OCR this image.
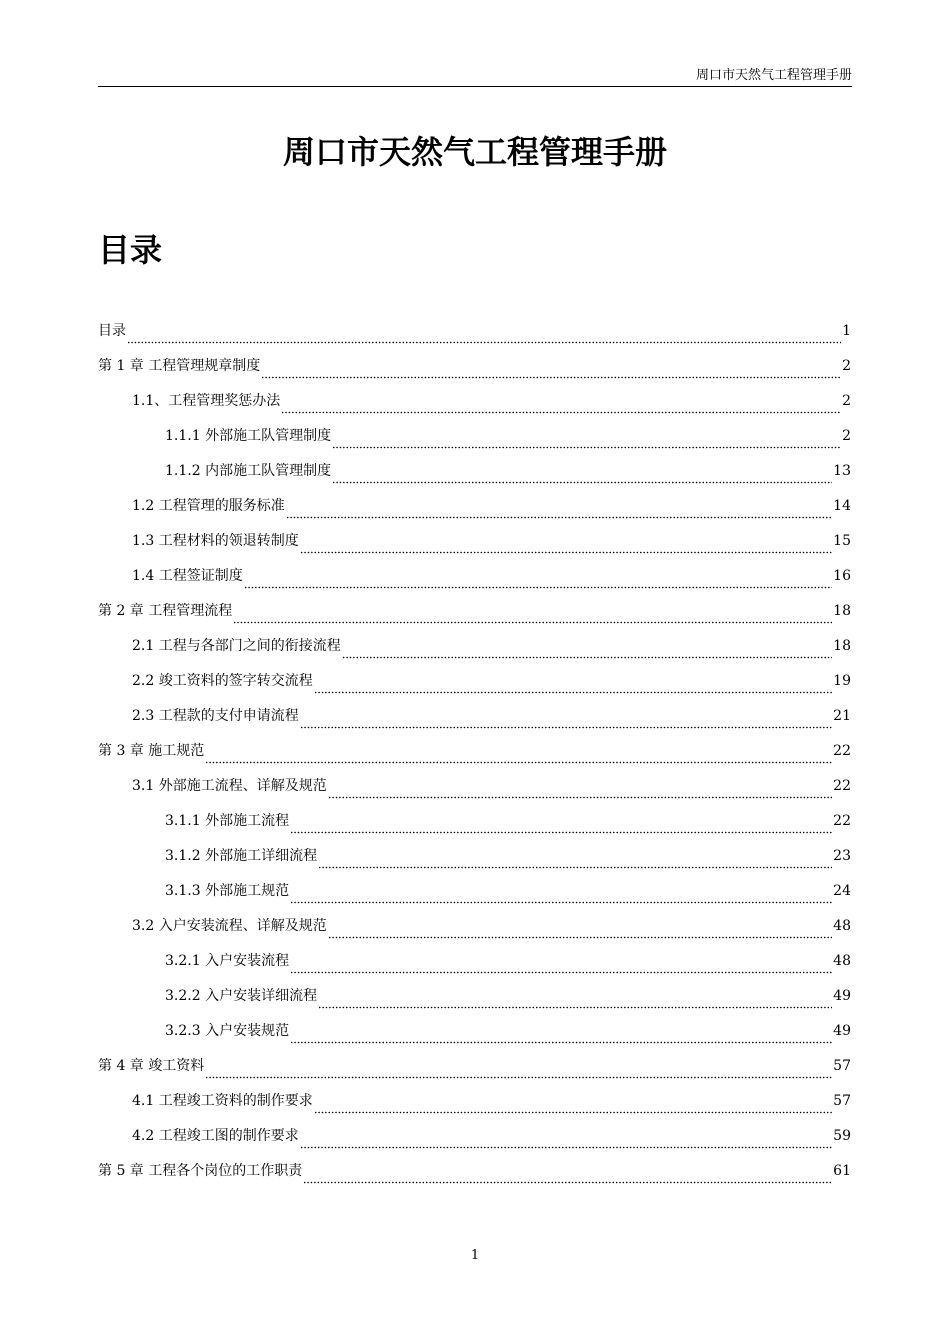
周口市天然气工程管理手册
周口市天然气工程管理手册
目录
目录	1
第 1 章 工程管理规章制度	2
1.1、工程管理奖惩办法	2
1.1.1 外部施工队管理制度	2
1.1.2 内部施工队管理制度	13
1.2 工程管理的服务标准	14
1.3 工程材料的领退转制度	15
1.4 工程签证制度	16
第 2 章 工程管理流程	18
2.1 工程与各部门之间的衔接流程	18
2.2 竣工资料的签字转交流程	19
2.3 工程款的支付申请流程	21
第 3 章 施工规范	22
3.1 外部施工流程、详解及规范	22
3.1.1 外部施工流程	22
3.1.2 外部施工详细流程	23
3.1.3 外部施工规范	24
3.2 入户安装流程、详解及规范	48
3.2.1 入户安装流程	48
3.2.2 入户安装详细流程	49
3.2.3 入户安装规范	49
第 4 章 竣工资料	57
4.1 工程竣工资料的制作要求	57
4.2 工程竣工图的制作要求	59
第 5 章 工程各个岗位的工作职责	61
1
